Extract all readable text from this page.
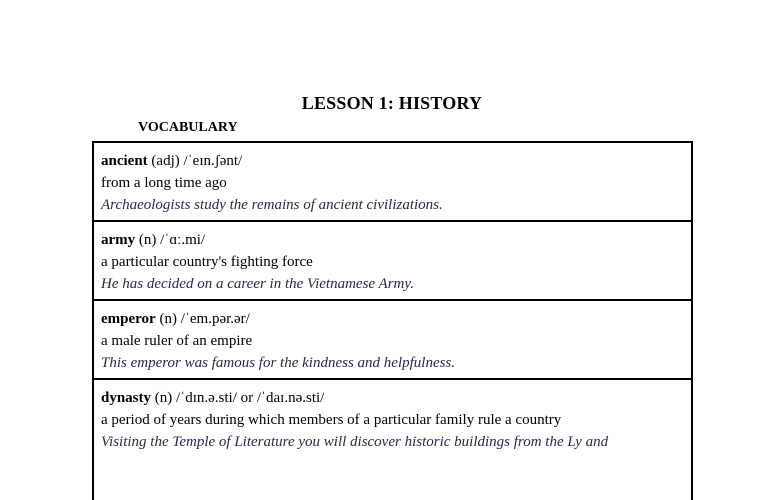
LESSON 1: HISTORY
VOCABULARY
ancient (adj) /ˈeɪn.ʃənt/
from a long time ago
Archaeologists study the remains of ancient civilizations.
army (n) /ˈɑː.mi/
a particular country's fighting force
He has decided on a career in the Vietnamese Army.
emperor (n) /ˈem.pər.ər/
a male ruler of an empire
This emperor was famous for the kindness and helpfulness.
dynasty (n) /ˈdɪn.ə.sti/ or /ˈdaɪ.nə.sti/
a period of years during which members of a particular family rule a country
Visiting the Temple of Literature you will discover historic buildings from the Ly and
